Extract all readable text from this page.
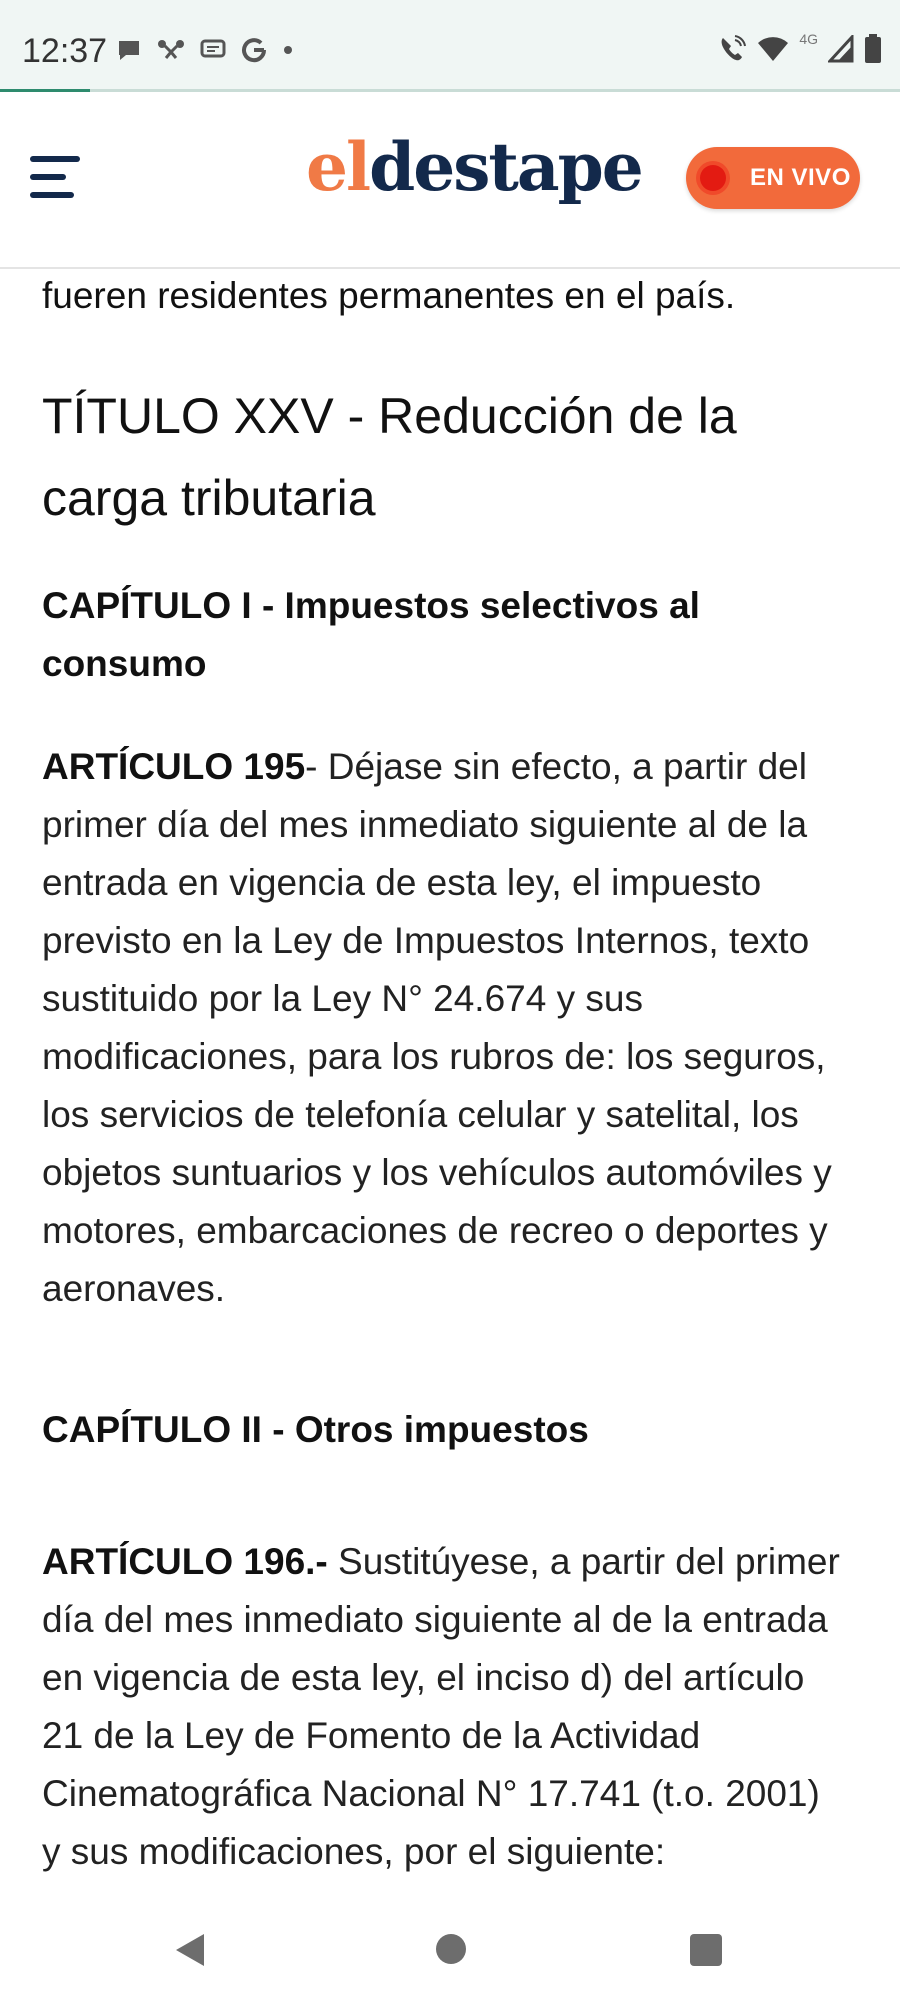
12:37	4G
eldestape	EN VIVO

fueren residentes permanentes en el país.

TÍTULO XXV - Reducción de la carga tributaria
CAPÍTULO I - Impuestos selectivos al consumo

ARTÍCULO 195- Déjase sin efecto, a partir del primer día del mes inmediato siguiente al de la entrada en vigencia de esta ley, el impuesto previsto en la Ley de Impuestos Internos, texto sustituido por la Ley N° 24.674 y sus modificaciones, para los rubros de: los seguros, los servicios de telefonía celular y satelital, los objetos suntuarios y los vehículos automóviles y motores, embarcaciones de recreo o deportes y aeronaves.

CAPÍTULO II - Otros impuestos

ARTÍCULO 196.- Sustitúyese, a partir del primer día del mes inmediato siguiente al de la entrada en vigencia de esta ley, el inciso d) del artículo 21 de la Ley de Fomento de la Actividad Cinematográfica Nacional N° 17.741 (t.o. 2001) y sus modificaciones, por el siguiente:
